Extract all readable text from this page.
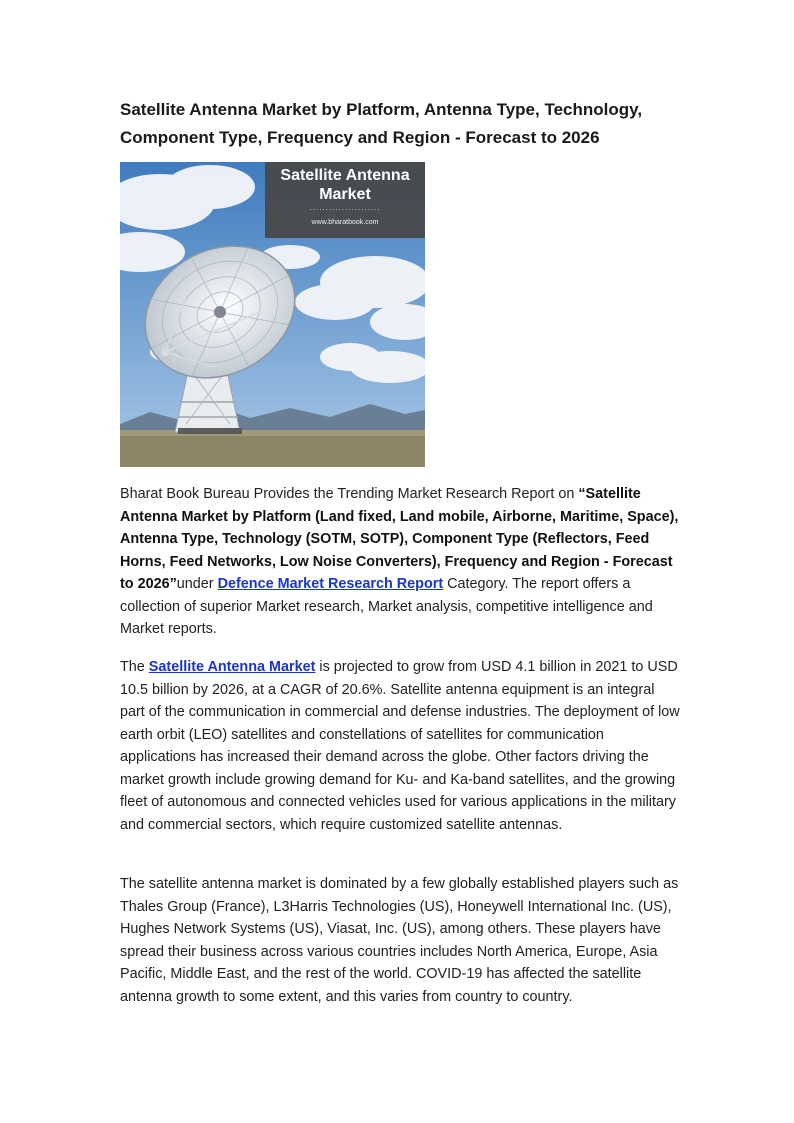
Satellite Antenna Market by Platform, Antenna Type, Technology,
Component Type, Frequency and Region - Forecast to 2026
Satellite Antenna
Market
......................
www.bharatbook.com
Bharat Book Bureau Provides the Trending Market Research Report on “Satellite Antenna Market by Platform (Land fixed, Land mobile, Airborne, Maritime, Space), Antenna Type, Technology (SOTM, SOTP), Component Type (Reflectors, Feed Horns, Feed Networks, Low Noise Converters), Frequency and Region - Forecast to 2026”under Defence Market Research Report Category. The report offers a collection of superior Market research, Market analysis, competitive intelligence and Market reports.
The Satellite Antenna Market is projected to grow from USD 4.1 billion in 2021 to USD 10.5 billion by 2026, at a CAGR of 20.6%. Satellite antenna equipment is an integral part of the communication in commercial and defense industries. The deployment of low earth orbit (LEO) satellites and constellations of satellites for communication applications has increased their demand across the globe. Other factors driving the market growth include growing demand for Ku- and Ka-band satellites, and the growing fleet of autonomous and connected vehicles used for various applications in the military and commercial sectors, which require customized satellite antennas.
The satellite antenna market is dominated by a few globally established players such as Thales Group (France), L3Harris Technologies (US), Honeywell International Inc. (US), Hughes Network Systems (US), Viasat, Inc. (US), among others. These players have spread their business across various countries includes North America, Europe, Asia Pacific, Middle East, and the rest of the world. COVID-19 has affected the satellite antenna growth to some extent, and this varies from country to country.
